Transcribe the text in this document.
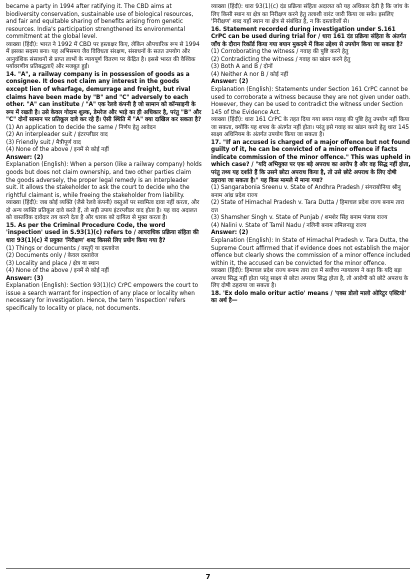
became a party in 1994 after ratifying it. The CBD aims at biodiversity conservation, sustainable use of biological resources, and fair and equitable sharing of benefits arising from genetic resources. India's participation strengthened its environmental commitment at the global level.

व्याख्या (हिंदी): भारत ने 1992 में CBD पर हस्ताक्षर किए, लेकिन औपचारिक रूप से 1994 में इसका सदस्य बना। यह अभिसमय जैव विविधता संरक्षण, संसाधनों के सतत उपयोग और आनुवंशिक संसाधनों से प्राप्त लाभों के न्यायपूर्ण वितरण पर केंद्रित है। इससे भारत की वैश्विक पर्यावरणीय प्रतिबद्धताएँ और मजबूत हुईं।

14. "A", a railway company is in possession of goods as a consignee. It does not claim any interest in the goods except lien of wharfage, demurrage and freight, but rival claims have been made by "B" and "C" adversely to each other. "A" can institute / "A" एक रेलवे कंपनी है जो सामान को कॉन्साइनी के रूप में रखती है। उसे केवल गोदाम शुल्क, डेमरेज और भाड़े का ही अधिकार है, परंतु "B" और "C" दोनों सामान पर प्रतिकूल दावे कर रहे हैं। ऐसी स्थिति में "A" क्या दाखिल कर सकता है?

(1) An application to decide the same / निर्णय हेतु आवेदन

(2) An interpleader suit / इंटरप्लीडर वाद

(3) Friendly suit / मैत्रीपूर्ण वाद

(4) None of the above / इनमें से कोई नहीं

Answer: (2)

Explanation (English): When a person (like a railway company) holds goods but does not claim ownership, and two other parties claim the goods adversely, the proper legal remedy is an interpleader suit. It allows the stakeholder to ask the court to decide who the rightful claimant is, while freeing the stakeholder from liability.

व्याख्या (हिंदी): जब कोई व्यक्ति (जैसे रेलवे कंपनी) वस्तुओं पर स्वामित्व दावा नहीं करता, और दो अन्य व्यक्ति प्रतिकूल दावे करते हैं, तो सही उपाय इंटरप्लीडर वाद होता है। यह वाद अदालत को वास्तविक दावेदार तय करने देता है और धारक को दायित्व से मुक्त करता है।

15. As per the Criminal Procedure Code, the word 'inspection' used in S.93(1)(c) refers to / आपराधिक प्रक्रिया संहिता की धारा 93(1)(c) में प्रयुक्त 'निरीक्षण' शब्द किससे लिए प्रयोग किया गया है?

(1) Things or documents / वस्तुएँ या दस्तावेज

(2) Documents only / केवल दस्तावेज

(3) Locality and place / क्षेत्र या स्थान

(4) None of the above / इनमें से कोई नहीं

Answer: (3)

Explanation (English): Section 93(1)(c) CrPC empowers the court to issue a search warrant for inspection of any place or locality when necessary for investigation. Hence, the term 'inspection' refers specifically to locality or place, not documents.

व्याख्या (हिंदी): धारा 93(1)(c) दंड प्रक्रिया संहिता अदालत को यह अधिकार देती है कि जांच के लिए किसी स्थान या क्षेत्र का निरीक्षण करने हेतु तलाशी वारंट जारी किया जा सके। इसलिए 'निरीक्षण' शब्द यहाँ स्थान या क्षेत्र से संबंधित है, न कि दस्तावेजों से।

16. Statement recorded during investigation under S.161 CrPC can be used during trial for / धारा 161 दंड प्रक्रिया संहिता के अंतर्गत जाँच के दौरान रिकॉर्ड किया गया बयान मुकदमे में किस उद्देश्य से उपयोग किया जा सकता है?

(1) Corroborating the witness / गवाह की पुष्टि करने हेतु

(2) Contradicting the witness / गवाह का खंडन करने हेतु

(3) Both A and B / दोनों

(4) Neither A nor B / कोई नहीं

Answer: (2)

Explanation (English): Statements under Section 161 CrPC cannot be used to corroborate a witness because they are not given under oath. However, they can be used to contradict the witness under Section 145 of the Evidence Act.

व्याख्या (हिंदी): धारा 161 CrPC के तहत दिया गया बयान गवाह की पुष्टि हेतु उपयोग नहीं किया जा सकता, क्योंकि यह शपथ के अंतर्गत नहीं होता। परंतु इसे गवाह का खंडन करने हेतु धारा 145 साक्ष्य अधिनियम के अंतर्गत उपयोग किया जा सकता है।

17. "If an accused is charged of a major offence but not found guilty of it, he can be convicted of a minor offence if facts indicate commission of the minor offence." This was upheld in which case? / "यदि अभियुक्त पर एक बड़े अपराध का आरोप है और वह सिद्ध नहीं होता, परंतु तथ्य यह दर्शाते हैं कि उसने छोटा अपराध किया है, तो उसे छोटे अपराध के लिए दोषी ठहराया जा सकता है।" यह किस मामले में माना गया?

(1) Sangarabonia Sreenu v. State of Andhra Pradesh / संगराबोनिया श्रीनु बनाम आंध्र प्रदेश राज्य

(2) State of Himachal Pradesh v. Tara Dutta / हिमाचल प्रदेश राज्य बनाम तारा दत्त

(3) Shamsher Singh v. State of Punjab / शमशेर सिंह बनाम पंजाब राज्य

(4) Nalini v. State of Tamil Nadu / नलिनी बनाम तमिलनाडु राज्य

Answer: (2)

Explanation (English): In State of Himachal Pradesh v. Tara Dutta, the Supreme Court affirmed that if evidence does not establish the major offence but clearly shows the commission of a minor offence included within it, the accused can be convicted for the minor offence.

व्याख्या (हिंदी): हिमाचल प्रदेश राज्य बनाम तारा दत्त में सर्वोच्च न्यायालय ने कहा कि यदि बड़ा अपराध सिद्ध नहीं होता परंतु साक्ष्य से छोटा अपराध सिद्ध होता है, तो आरोपी को छोटे अपराध के लिए दोषी ठहराया जा सकता है।

18. 'Ex dolo malo oritur actio' means / 'एक्स डोलो मालो ओरिटुर एक्टियो' का अर्थ है—

7
